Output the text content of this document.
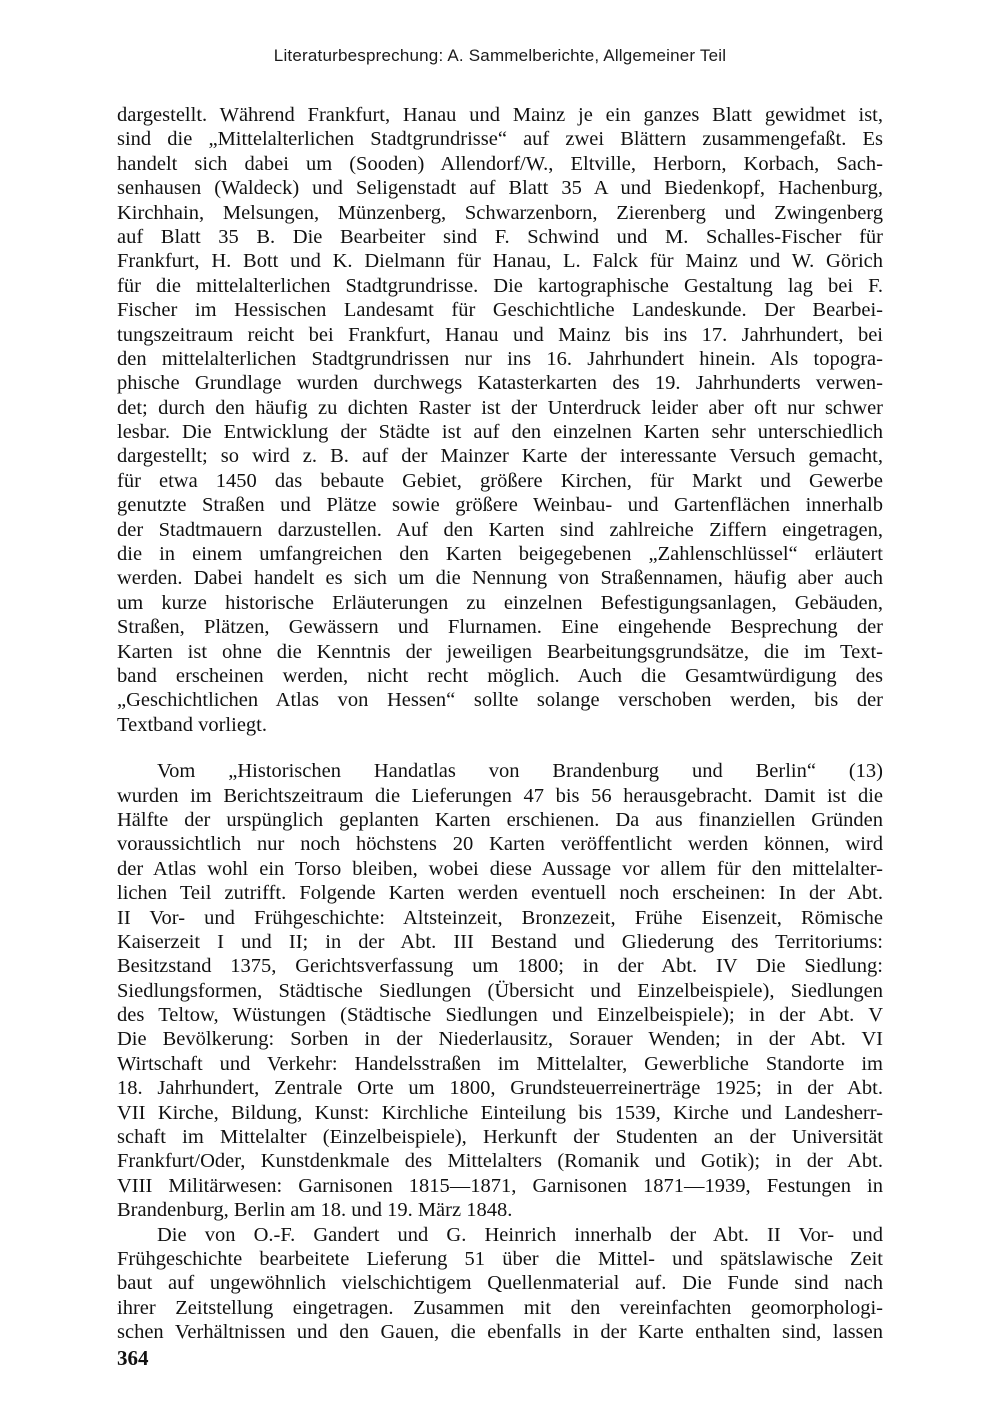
Literaturbesprechung: A. Sammelberichte, Allgemeiner Teil
dargestellt. Während Frankfurt, Hanau und Mainz je ein ganzes Blatt gewidmet ist,
sind die „Mittelalterlichen Stadtgrundrisse“ auf zwei Blättern zusammengefaßt. Es
handelt sich dabei um (Sooden) Allendorf/W., Eltville, Herborn, Korbach, Sach-
senhausen (Waldeck) und Seligenstadt auf Blatt 35 A und Biedenkopf, Hachenburg,
Kirchhain, Melsungen, Münzenberg, Schwarzenborn, Zierenberg und Zwingenberg
auf Blatt 35 B. Die Bearbeiter sind F. Schwind und M. Schalles-Fischer für
Frankfurt, H. Bott und K. Dielmann für Hanau, L. Falck für Mainz und W. Görich
für die mittelalterlichen Stadtgrundrisse. Die kartographische Gestaltung lag bei F.
Fischer im Hessischen Landesamt für Geschichtliche Landeskunde. Der Bearbei-
tungszeitraum reicht bei Frankfurt, Hanau und Mainz bis ins 17. Jahrhundert, bei
den mittelalterlichen Stadtgrundrissen nur ins 16. Jahrhundert hinein. Als topogra-
phische Grundlage wurden durchwegs Katasterkarten des 19. Jahrhunderts verwen-
det; durch den häufig zu dichten Raster ist der Unterdruck leider aber oft nur schwer
lesbar. Die Entwicklung der Städte ist auf den einzelnen Karten sehr unterschiedlich
dargestellt; so wird z. B. auf der Mainzer Karte der interessante Versuch gemacht,
für etwa 1450 das bebaute Gebiet, größere Kirchen, für Markt und Gewerbe
genutzte Straßen und Plätze sowie größere Weinbau- und Gartenflächen innerhalb
der Stadtmauern darzustellen. Auf den Karten sind zahlreiche Ziffern eingetragen,
die in einem umfangreichen den Karten beigegebenen „Zahlenschlüssel“ erläutert
werden. Dabei handelt es sich um die Nennung von Straßennamen, häufig aber auch
um kurze historische Erläuterungen zu einzelnen Befestigungsanlagen, Gebäuden,
Straßen, Plätzen, Gewässern und Flurnamen. Eine eingehende Besprechung der
Karten ist ohne die Kenntnis der jeweiligen Bearbeitungsgrundsätze, die im Text-
band erscheinen werden, nicht recht möglich. Auch die Gesamtwürdigung des
„Geschichtlichen Atlas von Hessen“ sollte solange verschoben werden, bis der
Textband vorliegt.
Vom „Historischen Handatlas von Brandenburg und Berlin“ (13)
wurden im Berichtszeitraum die Lieferungen 47 bis 56 herausgebracht. Damit ist die
Hälfte der urspünglich geplanten Karten erschienen. Da aus finanziellen Gründen
voraussichtlich nur noch höchstens 20 Karten veröffentlicht werden können, wird
der Atlas wohl ein Torso bleiben, wobei diese Aussage vor allem für den mittelalter-
lichen Teil zutrifft. Folgende Karten werden eventuell noch erscheinen: In der Abt.
II Vor- und Frühgeschichte: Altsteinzeit, Bronzezeit, Frühe Eisenzeit, Römische
Kaiserzeit I und II; in der Abt. III Bestand und Gliederung des Territoriums:
Besitzstand 1375, Gerichtsverfassung um 1800; in der Abt. IV Die Siedlung:
Siedlungsformen, Städtische Siedlungen (Übersicht und Einzelbeispiele), Siedlungen
des Teltow, Wüstungen (Städtische Siedlungen und Einzelbeispiele); in der Abt. V
Die Bevölkerung: Sorben in der Niederlausitz, Sorauer Wenden; in der Abt. VI
Wirtschaft und Verkehr: Handelsstraßen im Mittelalter, Gewerbliche Standorte im
18. Jahrhundert, Zentrale Orte um 1800, Grundsteuerreinerträge 1925; in der Abt.
VII Kirche, Bildung, Kunst: Kirchliche Einteilung bis 1539, Kirche und Landesherr-
schaft im Mittelalter (Einzelbeispiele), Herkunft der Studenten an der Universität
Frankfurt/Oder, Kunstdenkmale des Mittelalters (Romanik und Gotik); in der Abt.
VIII Militärwesen: Garnisonen 1815—1871, Garnisonen 1871—1939, Festungen in
Brandenburg, Berlin am 18. und 19. März 1848.
Die von O.-F. Gandert und G. Heinrich innerhalb der Abt. II Vor- und
Frühgeschichte bearbeitete Lieferung 51 über die Mittel- und spätslawische Zeit
baut auf ungewöhnlich vielschichtigem Quellenmaterial auf. Die Funde sind nach
ihrer Zeitstellung eingetragen. Zusammen mit den vereinfachten geomorphologi-
schen Verhältnissen und den Gauen, die ebenfalls in der Karte enthalten sind, lassen
364
